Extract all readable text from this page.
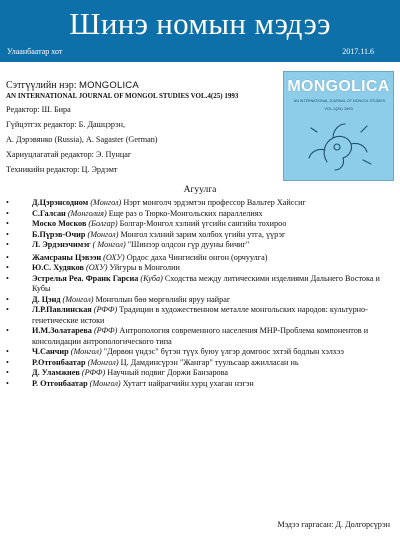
Шинэ номын мэдээ
Улаанбаатар хот	2017.11.6
Сэтгүүлийн нэр: MONGOLICA
AN INTERNATIONAL JOURNAL OF MONGOL STUDIES VOL.4(25) 1993
Редактор: Ш. Бира
Гүйцэтгэх редактор: Б. Дашцэрэн,
А. Дэрэвянко (Russia), A. Sagaster (German)
Хариуцлагатай редактор: Э. Пунцаг
Техникийн редактор: Ц. Эрдэмт
MONGOLICA
AN INTERNATIONAL JOURNAL OF MONGOL STUDIES
VOL.4(25) 1993
Агуулга
•	Д.Цэрэнсодном (Монгол) Нэрт монголч эрдэмтэн профессор Вальтер Хайссиг
•	С.Галсан (Монголия) Еще раз о Тюрко-Монгольских параллелиях
•	Моско Москов (Болгар) Болгар-Монгол хэлний үгсийн сангийн тохироо
•	Б.Пүрэв-Очир (Монгол) Монгол хэлний зарим холбох үгийн утга, үүрэг
•	Л. Эрдэнэчимэг ( Монгол) "Шинээр олдсон гүр дууны бичиг"
•	Жамсраны Цэвээн (ОХУ) Ордос даха Чингисийн онгон (орчуулга)
•	Ю.С. Худяков (ОХУ) Уйгуры в Монголии
•	Эстрелья Реа. Франк Гарсиа (Куба) Сходства между литическими изделиями Дальнего Востока и Кубы
•	Д. Цэнд (Монгол) Монголын бөө мөргөлийн яруу найраг
•	Л.Р.Павлинская (РФФ) Традиции в художественном металле монгольских народов: культурно-генетические истоки
•	И.М.Золатарева (РФФ) Антропология современного населения МНР-Проблема компонентов и консолидации антропологического типа
•	Ч.Санчир (Монгол) "Дөрвөн үндэс" бүтэн түүх буюу үлгэр домгоос эхтэй бодлын хэлхээ
•	Р.Отгонбаатар (Монгол) Ц. Дамдинсүрэн "Жангар" туульсаар ажилласан нь
•	Д. Уламжиев (РФФ) Научный подвиг Доржи Банзарова
•	Р. Отгонбаатар (Монгол) Хутагт найрагчийн хурц ухаган нэгэн
Мэдээ гаргасан: Д. Долгорсүрэн
